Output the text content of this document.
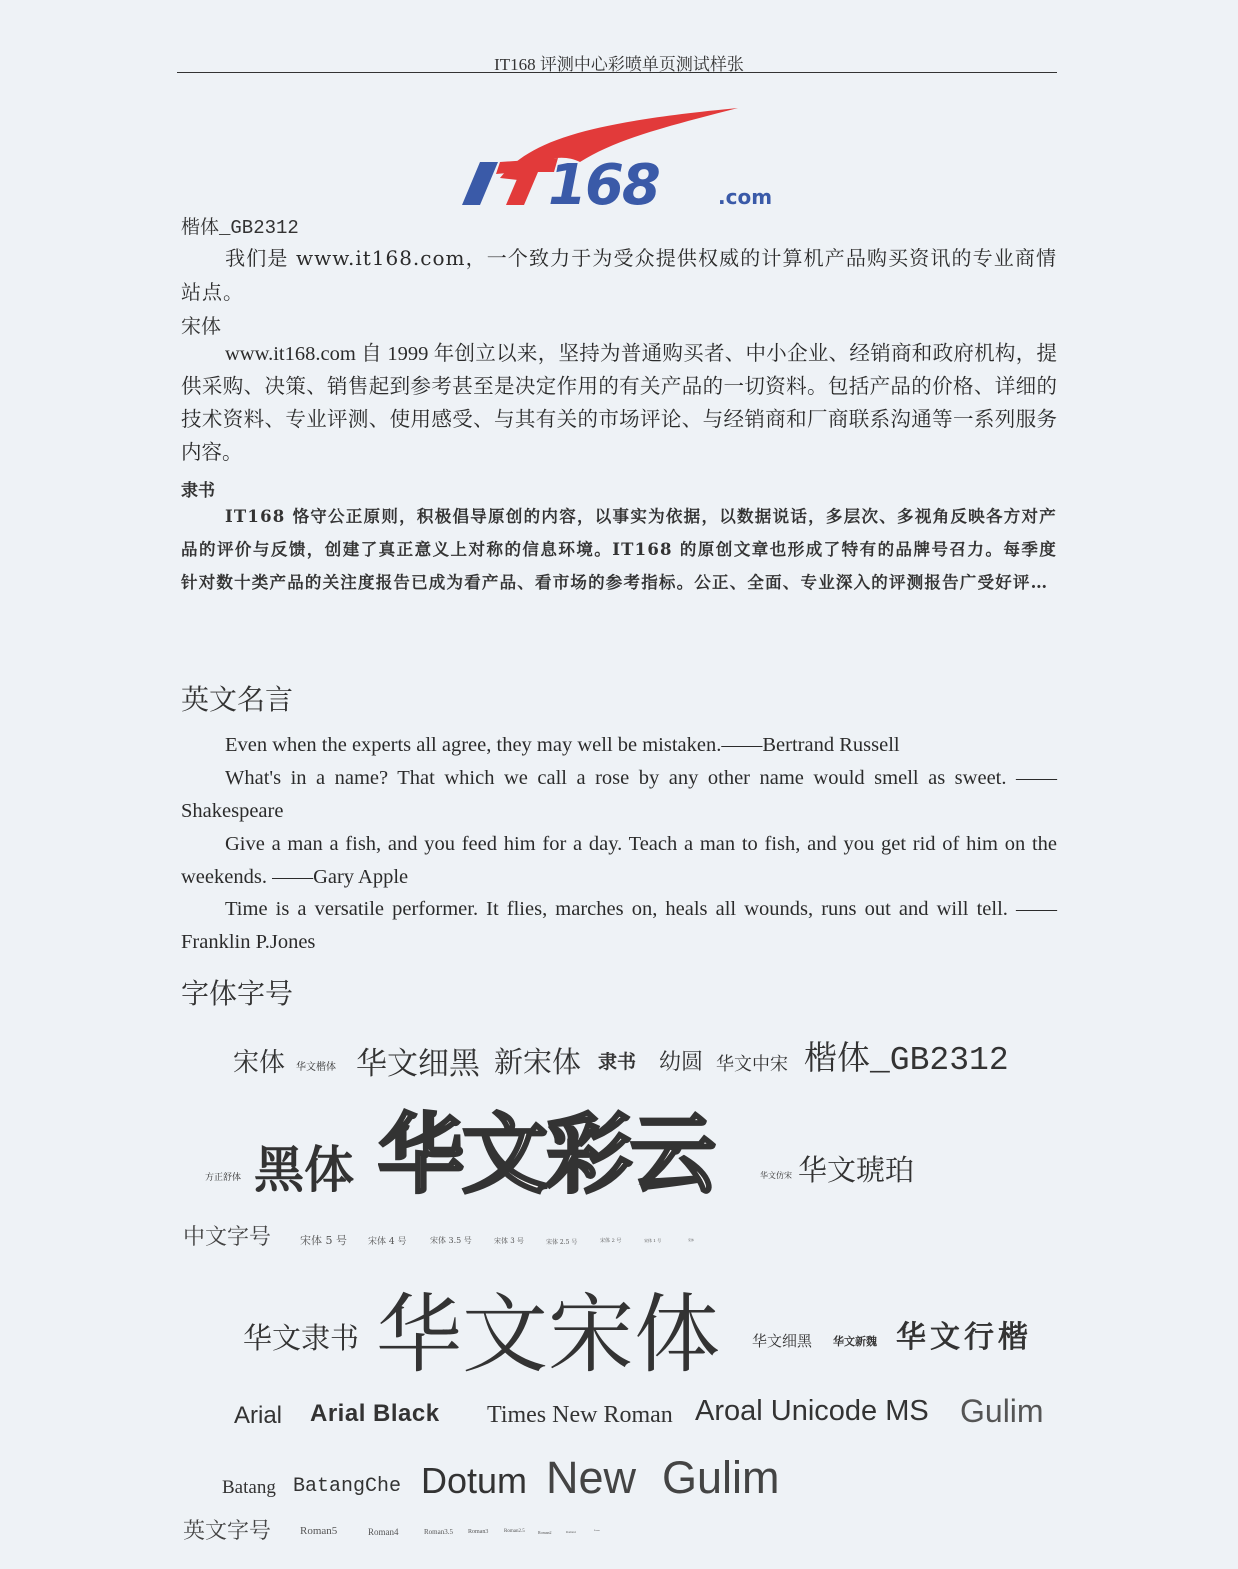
IT168 评测中心彩喷单页测试样张
168	.com
楷体_GB2312
我们是 www.it168.com，一个致力于为受众提供权威的计算机产品购买资讯的专业商情站点。
宋体
www.it168.com 自 1999 年创立以来，坚持为普通购买者、中小企业、经销商和政府机构，提供采购、决策、销售起到参考甚至是决定作用的有关产品的一切资料。包括产品的价格、详细的技术资料、专业评测、使用感受、与其有关的市场评论、与经销商和厂商联系沟通等一系列服务内容。
隶书
IT168 恪守公正原则，积极倡导原创的内容，以事实为依据，以数据说话，多层次、多视角反映各方对产品的评价与反馈，创建了真正意义上对称的信息环境。IT168 的原创文章也形成了特有的品牌号召力。每季度针对数十类产品的关注度报告已成为看产品、看市场的参考指标。公正、全面、专业深入的评测报告广受好评…
英文名言
Even when the experts all agree, they may well be mistaken.——Bertrand Russell
What's in a name? That which we call a rose by any other name would smell as sweet. ——Shakespeare
Give a man a fish, and you feed him for a day. Teach a man to fish, and you get rid of him on the weekends. ——Gary Apple
Time is a versatile performer. It flies, marches on, heals all wounds, runs out and will tell. ——Franklin P.Jones
字体字号
宋体 华文楷体 华文细黑 新宋体 隶书 幼圆 华文中宋 楷体_GB2312
方正舒体 黑体 华文彩云	华文仿宋 华文琥珀
中文字号	宋体 5 号 宋体 4 号	宋体 3.5 号	宋体 3 号	宋体 2.5 号	宋体 2 号	宋体 1 号	宋体
华文隶书 华文宋体 华文细黑 华文新魏 华文行楷
Arial Arial Black Times New Roman Aroal Unicode MS Gulim
Batang BatangChe Dotum New Gulim
英文字号	Roman5	Roman4	Roman3.5	Roman3	Roman2.5	Roman2	Roman1	Roman
